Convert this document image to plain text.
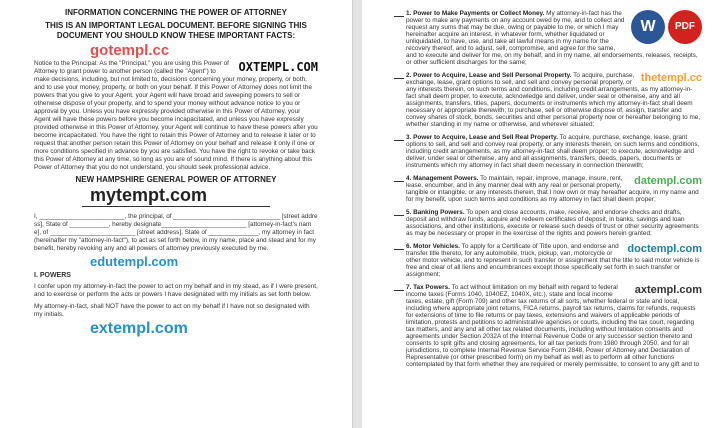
INFORMATION CONCERNING THE POWER OF ATTORNEY
THIS IS AN IMPORTANT LEGAL DOCUMENT. BEFORE SIGNING THIS DOCUMENT YOU SHOULD KNOW THESE IMPORTANT FACTS:
gotempl.cc
OXTEMPL.COM
Notice to the Principal: As the "Principal," you are using this Power of Attorney to grant power to another person (called the "Agent") to make decisions, including, but not limited to, decisions concerning your money, property, or both, and to use your money, property, or both on your behalf. If this Power of Attorney does not limit the powers that you give to your Agent, your Agent will have broad and sweeping powers to sell or otherwise dispose of your property, and to spend your money without advance notice to you or approval by you. Unless you have expressly provided otherwise in this Power of Attorney, your Agent will have these powers before you become incapacitated, and unless you have expressly provided otherwise in this Power of Attorney, your Agent will continue to have these powers after you become incapacitated. You have the right to retain this Power of Attorney and to release it later or to request that another person retain this Power of Attorney on your behalf and release it only if one or more conditions specified in advance by you are satisfied. You have the right to revoke or take back this Power of Attorney at any time, so long as you are of sound mind. If there is anything about this Power of Attorney that you do not understand, you should seek professional advice.
NEW HAMPSHIRE GENERAL POWER OF ATTORNEY
mytempt.com
I, ________________________, the principal, of ______________________________ [street address], State of ___________, hereby designate________________________ [attorney-in-fact's name], of ________________________ [street address], State of ______________, my attorney in fact (hereinafter my "attorney-in-fact"), to act as set forth below, in my name, place and stead and for my benefit, hereby revoking any and all powers of attorney previously executed by me.
edutempl.com
I. POWERS
I confer upon my attorney-in-fact the power to act on my behalf and in my stead, as if I were present, and to exercise or perform the acts or powers I have designated with my initials as set forth below.
My attorney-in-fact, shall NOT have the power to act on my behalf if I have not so designated with my initials.
extempl.com
W	PDF
1. Power to Make Payments or Collect Money. My attorney-in-fact has the power to make any payments on any account owed by me, and to collect and request any sums that may be due, owing or payable to me, or which I may hereinafter acquire an interest, in whatever form, whether liquidated or unliquidated, to have, use, and take all lawful means in my name for the recovery thereof, and to adjust, sell, compromise, and agree for the same, and to execute and deliver for me, on my behalf, and in my name, all endorsements, releases, receipts, or other sufficient discharges for the same;
thetempl.cc
2. Power to Acquire, Lease and Sell Personal Property. To acquire, purchase, exchange, lease, grant options to sell, and sell and convey personal property, or any interests therein, on such terms and conditions, including credit arrangements, as my attorney-in-fact shall deem proper, to execute, acknowledge and deliver, under seal or otherwise, any and all assignments, transfers, titles, papers, documents or instruments which my attorney-in-fact shall deem necessary or appropriate therewith; to purchase, sell or otherwise dispose of, assign, transfer and convey shares of stock, bonds, securities and other personal property now or hereafter belonging to me, whether standing in my name or otherwise, and wherever situated;
3. Power to Acquire, Lease and Sell Real Property. To acquire, purchase, exchange, lease, grant options to sell, and sell and convey real property, or any interests therein, on such terms and conditions, including credit arrangements, as my attorney-in-fact shall deem proper; to execute, acknowledge and deliver, under seal or otherwise, any and all assignments, transfers, deeds, papers, documents or instruments which my attorney in fact shall deem necessary in connection therewith;
datempl.com
4. Management Powers. To maintain, repair, improve, manage, insure, rent, lease, encumber, and in any manner deal with any real or personal property, tangible or intangible, or any interests therein, that I now own or may hereafter acquire, in my name and for my benefit, upon such terms and conditions as my attorney in fact shall deem proper;
5. Banking Powers. To open and close accounts, make, receive, and endorse checks and drafts, deposit and withdraw funds, acquire and redeem certificates of deposit, in banks, savings and loan associations, and other institutions, execute or release such deeds of trust or other security agreements as may be necessary or proper in the exercise of the rights and powers herein granted;
doctempl.com
6. Motor Vehicles. To apply for a Certificate of Title upon, and endorse and transfer title thereto, for any automobile, truck, pickup, van, motorcycle or other motor vehicle, and to represent in such transfer or assignment that the title to said motor vehicle is free and clear of all liens and encumbrances except those specifically set forth in such transfer or assignment;
axtempl.com
7. Tax Powers. To act without limitation on my behalf with regard to federal income taxes (Forms 1040, 1040EZ, 1040X, etc.), state and local income taxes, estate, gift (Form 709) and other tax returns of all sorts, whether federal or state and local, including where appropriate joint returns, FICA returns, payroll tax returns, claims for refunds, requests for extensions of time to file returns or pay taxes, extensions and waivers of applicable periods of limitation, protests and petitions to administrative agencies or courts, including the tax court, regarding tax matters, and any and all other tax related documents, including without limitation consents and agreements under Section 2032A of the Internal Revenue Code or any successor section thereto and consents to split gifts and closing agreements, for all tax periods from 1980 through 2050, and for all jurisdictions, to complete Internal Revenue Service Form 2848, Power of Attorney and Declaration of Representative (or other prescribed form) on my behalf as well as to perform all other functions contemplated by that form whether they are required or merely permissible, to consent to any gift and to
